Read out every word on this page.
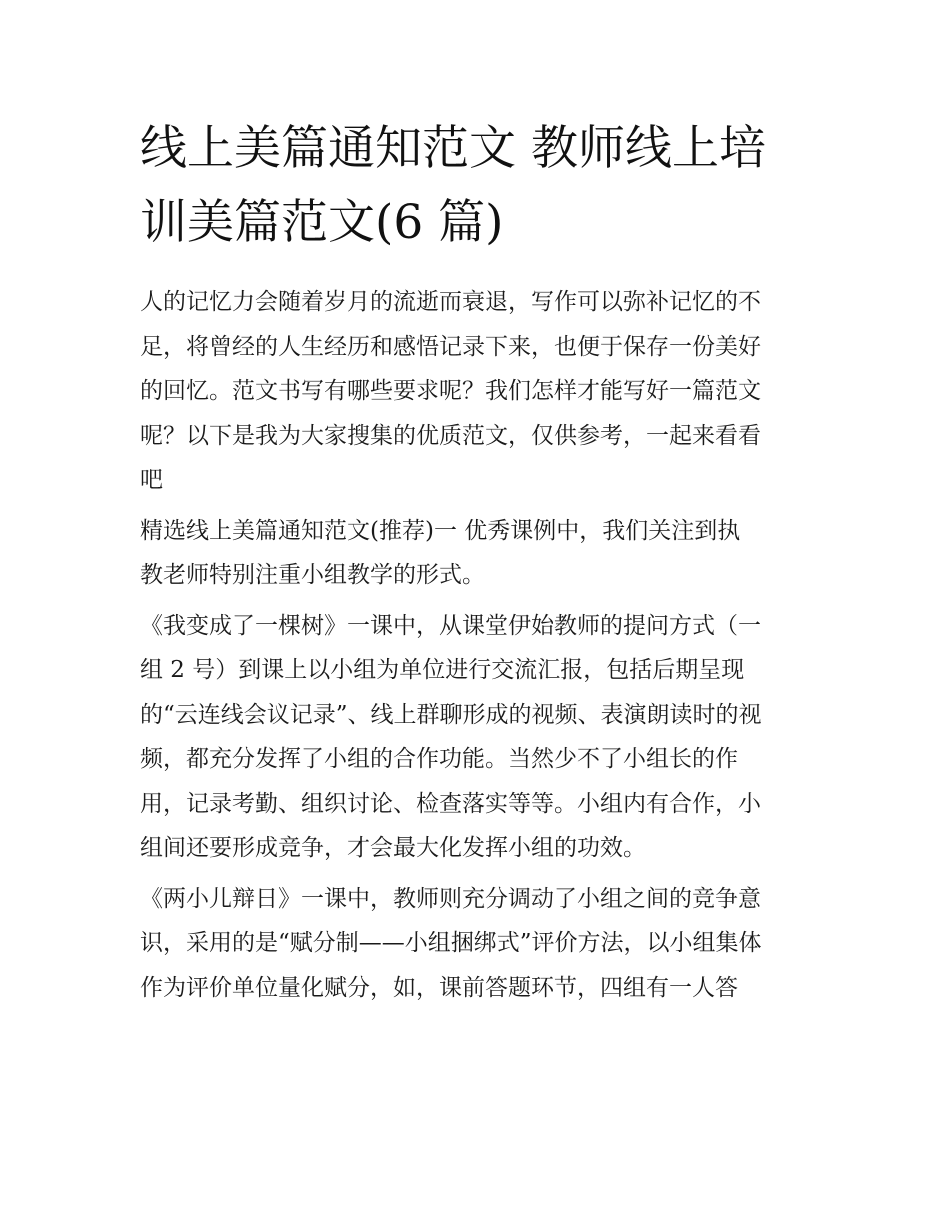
线上美篇通知范文 教师线上培
训美篇范文(6 篇)

人的记忆力会随着岁月的流逝而衰退，写作可以弥补记忆的不
足，将曾经的人生经历和感悟记录下来，也便于保存一份美好
的回忆。范文书写有哪些要求呢？我们怎样才能写好一篇范文
呢？以下是我为大家搜集的优质范文，仅供参考，一起来看看
吧

精选线上美篇通知范文(推荐)一 优秀课例中，我们关注到执
教老师特别注重小组教学的形式。

《我变成了一棵树》一课中，从课堂伊始教师的提问方式（一
组 2 号）到课上以小组为单位进行交流汇报，包括后期呈现
的“云连线会议记录”、线上群聊形成的视频、表演朗读时的视
频，都充分发挥了小组的合作功能。当然少不了小组长的作
用，记录考勤、组织讨论、检查落实等等。小组内有合作，小
组间还要形成竞争，才会最大化发挥小组的功效。

《两小儿辩日》一课中，教师则充分调动了小组之间的竞争意
识，采用的是“赋分制——小组捆绑式”评价方法，以小组集体
作为评价单位量化赋分，如，课前答题环节，四组有一人答
